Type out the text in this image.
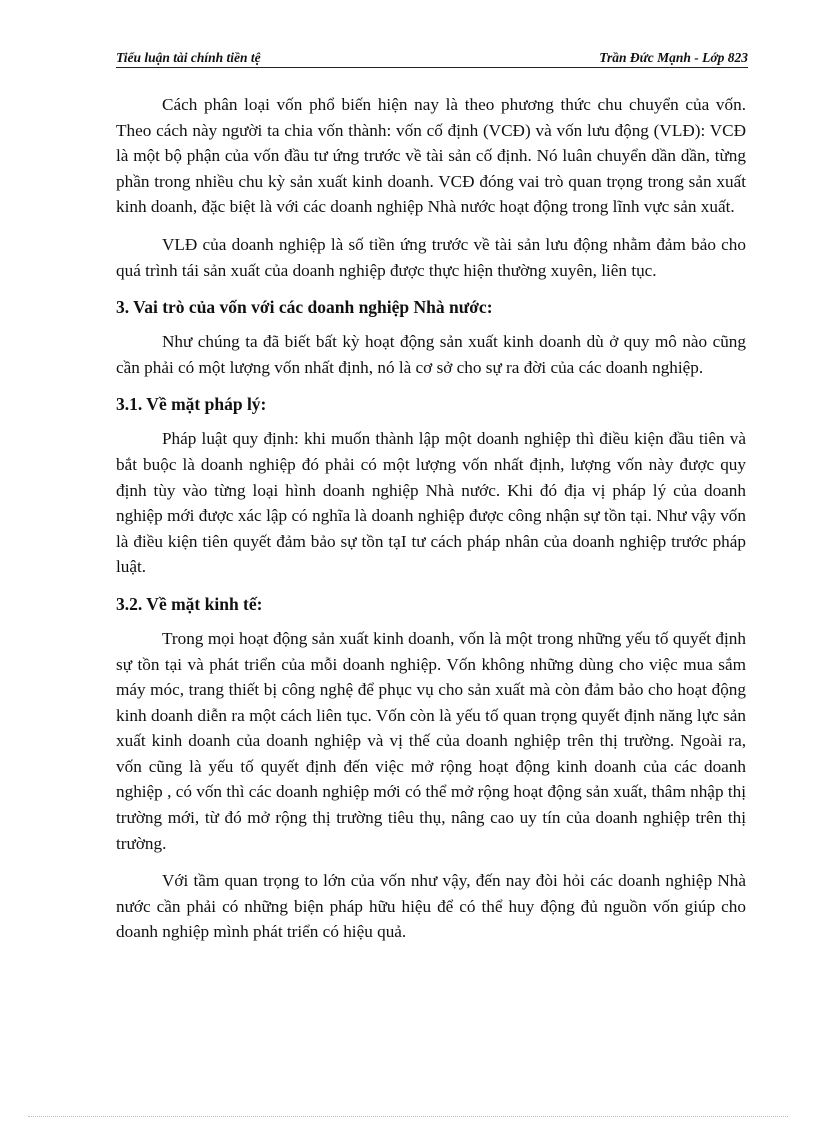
Tiểu luận tài chính tiền tệ	Trần Đức Mạnh - Lớp 823

Cách phân loại vốn phổ biến hiện nay là theo phương thức chu chuyển của vốn. Theo cách này người ta chia vốn thành: vốn cố định (VCĐ) và vốn lưu động (VLĐ): VCĐ là một bộ phận của vốn đầu tư ứng trước về tài sản cố định. Nó luân chuyển dần dần, từng phần trong nhiều chu kỳ sản xuất kinh doanh. VCĐ đóng vai trò quan trọng trong sản xuất kinh doanh, đặc biệt là với các doanh nghiệp Nhà nước hoạt động trong lĩnh vực sản xuất.

VLĐ của doanh nghiệp là số tiền ứng trước về tài sản lưu động nhằm đảm bảo cho quá trình tái sản xuất của doanh nghiệp được thực hiện thường xuyên, liên tục.

3. Vai trò của vốn với các doanh nghiệp Nhà nước:

Như chúng ta đã biết bất kỳ hoạt động sản xuất kinh doanh dù ở quy mô nào cũng cần phải có một lượng vốn nhất định, nó là cơ sở cho sự ra đời của các doanh nghiệp.

3.1. Về mặt pháp lý:

Pháp luật quy định: khi muốn thành lập một doanh nghiệp thì điều kiện đầu tiên và bắt buộc là doanh nghiệp đó phải có một lượng vốn nhất định, lượng vốn này được quy định tùy vào từng loại hình doanh nghiệp Nhà nước. Khi đó địa vị pháp lý của doanh nghiệp mới được xác lập có nghĩa là doanh nghiệp được công nhận sự tồn tại. Như vậy vốn là điều kiện tiên quyết đảm bảo sự tồn tạI tư cách pháp nhân của doanh nghiệp trước pháp luật.

3.2. Về mặt kinh tế:

Trong mọi hoạt động sản xuất kinh doanh, vốn là một trong những yếu tố quyết định sự tồn tại và phát triển của mỗi doanh nghiệp. Vốn không những dùng cho việc mua sắm máy móc, trang thiết bị công nghệ để phục vụ cho sản xuất mà còn đảm bảo cho hoạt động kinh doanh diễn ra một cách liên tục. Vốn còn là yếu tố quan trọng quyết định năng lực sản xuất kinh doanh của doanh nghiệp và vị thế của doanh nghiệp trên thị trường. Ngoài ra, vốn cũng là yếu tố quyết định đến việc mở rộng hoạt động kinh doanh của các doanh nghiệp , có vốn thì các doanh nghiệp mới có thể mở rộng hoạt động sản xuất, thâm nhập thị trường mới, từ đó mở rộng thị trường tiêu thụ, nâng cao uy tín của doanh nghiệp trên thị trường.

Với tầm quan trọng to lớn của vốn như vậy, đến nay đòi hỏi các doanh nghiệp Nhà nước cần phải có những biện pháp hữu hiệu để có thể huy động đủ nguồn vốn giúp cho doanh nghiệp mình phát triển có hiệu quả.
